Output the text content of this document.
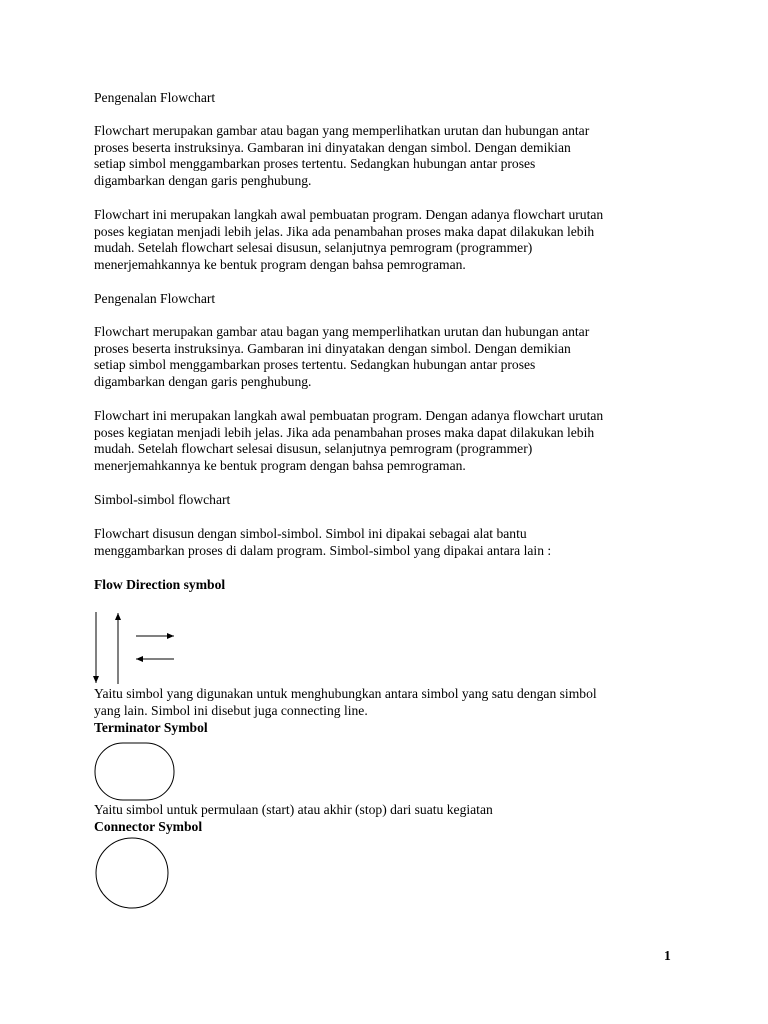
Pengenalan Flowchart

Flowchart merupakan gambar atau bagan yang memperlihatkan urutan dan hubungan antar
proses beserta instruksinya. Gambaran ini dinyatakan dengan simbol. Dengan demikian
setiap simbol menggambarkan proses tertentu. Sedangkan hubungan antar proses
digambarkan dengan garis penghubung.

Flowchart ini merupakan langkah awal pembuatan program. Dengan adanya flowchart urutan
poses kegiatan menjadi lebih jelas. Jika ada penambahan proses maka dapat dilakukan lebih
mudah. Setelah flowchart selesai disusun, selanjutnya pemrogram (programmer)
menerjemahkannya ke bentuk program dengan bahsa pemrograman.

Pengenalan Flowchart

Flowchart merupakan gambar atau bagan yang memperlihatkan urutan dan hubungan antar
proses beserta instruksinya. Gambaran ini dinyatakan dengan simbol. Dengan demikian
setiap simbol menggambarkan proses tertentu. Sedangkan hubungan antar proses
digambarkan dengan garis penghubung.

Flowchart ini merupakan langkah awal pembuatan program. Dengan adanya flowchart urutan
poses kegiatan menjadi lebih jelas. Jika ada penambahan proses maka dapat dilakukan lebih
mudah. Setelah flowchart selesai disusun, selanjutnya pemrogram (programmer)
menerjemahkannya ke bentuk program dengan bahsa pemrograman.

Simbol-simbol flowchart

Flowchart disusun dengan simbol-simbol. Simbol ini dipakai sebagai alat bantu
menggambarkan proses di dalam program. Simbol-simbol yang dipakai antara lain :

Flow Direction symbol

Yaitu simbol yang digunakan untuk menghubungkan antara simbol yang satu dengan simbol
yang lain. Simbol ini disebut juga connecting line.

Terminator Symbol

Yaitu simbol untuk permulaan (start) atau akhir (stop) dari suatu kegiatan

Connector Symbol

1
